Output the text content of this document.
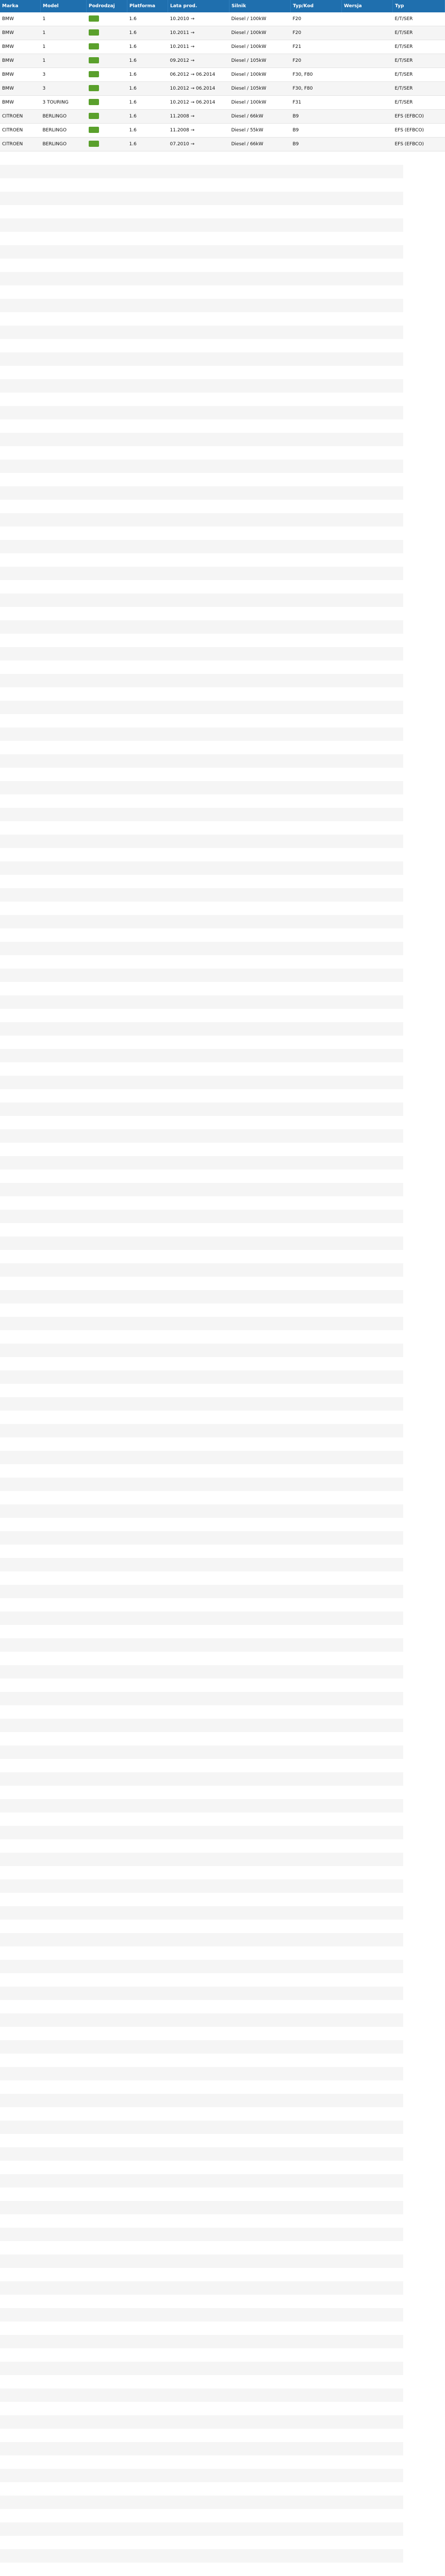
Marka	Model	Podrodzaj	Platforma	Lata prod.	Silnik	Typ/Kod	Wersja	Typ
BMW	1		1.6	10.2010 →	Diesel / 100kW	F20		E/T/SER
BMW	1		1.6	10.2011 →	Diesel / 100kW	F20		E/T/SER
BMW	1		1.6	10.2011 →	Diesel / 100kW	F21		E/T/SER
BMW	1		1.6	09.2012 →	Diesel / 105kW	F20		E/T/SER
BMW	3		1.6	06.2012 → 06.2014	Diesel / 100kW	F30, F80		E/T/SER
BMW	3		1.6	10.2012 → 06.2014	Diesel / 105kW	F30, F80		E/T/SER
BMW	3 TOURING		1.6	10.2012 → 06.2014	Diesel / 100kW	F31		E/T/SER
CITROEN	BERLINGO		1.6	11.2008 →	Diesel / 66kW	B9		EFS (EFBCO)
CITROEN	BERLINGO		1.6	11.2008 →	Diesel / 55kW	B9		EFS (EFBCO)
CITROEN	BERLINGO		1.6	07.2010 →	Diesel / 66kW	B9		EFS (EFBCO)
